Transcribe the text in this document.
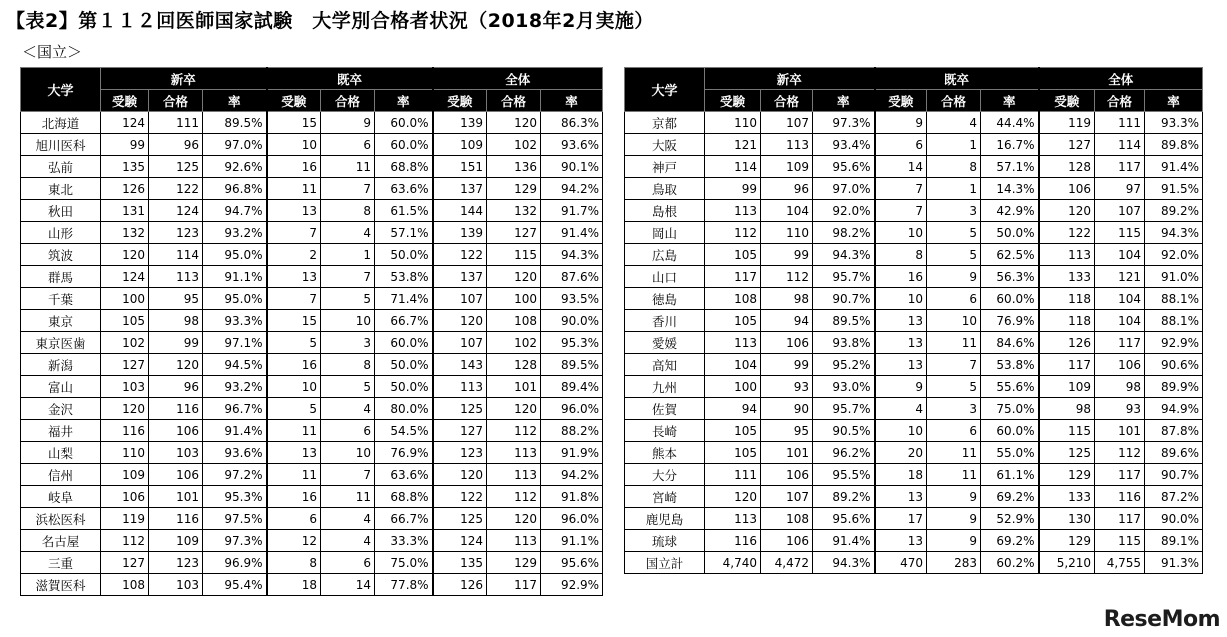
【表2】第１１２回医師国家試験　大学別合格者状況（2018年2月実施）
＜国立＞
大学	新卒			既卒			全体		
	受験	合格	率	受験	合格	率	受験	合格	率
北海道	124	111	89.5%	15	9	60.0%	139	120	86.3%
旭川医科	99	96	97.0%	10	6	60.0%	109	102	93.6%
弘前	135	125	92.6%	16	11	68.8%	151	136	90.1%
東北	126	122	96.8%	11	7	63.6%	137	129	94.2%
秋田	131	124	94.7%	13	8	61.5%	144	132	91.7%
山形	132	123	93.2%	7	4	57.1%	139	127	91.4%
筑波	120	114	95.0%	2	1	50.0%	122	115	94.3%
群馬	124	113	91.1%	13	7	53.8%	137	120	87.6%
千葉	100	95	95.0%	7	5	71.4%	107	100	93.5%
東京	105	98	93.3%	15	10	66.7%	120	108	90.0%
東京医歯	102	99	97.1%	5	3	60.0%	107	102	95.3%
新潟	127	120	94.5%	16	8	50.0%	143	128	89.5%
富山	103	96	93.2%	10	5	50.0%	113	101	89.4%
金沢	120	116	96.7%	5	4	80.0%	125	120	96.0%
福井	116	106	91.4%	11	6	54.5%	127	112	88.2%
山梨	110	103	93.6%	13	10	76.9%	123	113	91.9%
信州	109	106	97.2%	11	7	63.6%	120	113	94.2%
岐阜	106	101	95.3%	16	11	68.8%	122	112	91.8%
浜松医科	119	116	97.5%	6	4	66.7%	125	120	96.0%
名古屋	112	109	97.3%	12	4	33.3%	124	113	91.1%
三重	127	123	96.9%	8	6	75.0%	135	129	95.6%
滋賀医科	108	103	95.4%	18	14	77.8%	126	117	92.9%
大学	新卒			既卒			全体		
	受験	合格	率	受験	合格	率	受験	合格	率
京都	110	107	97.3%	9	4	44.4%	119	111	93.3%
大阪	121	113	93.4%	6	1	16.7%	127	114	89.8%
神戸	114	109	95.6%	14	8	57.1%	128	117	91.4%
鳥取	99	96	97.0%	7	1	14.3%	106	97	91.5%
島根	113	104	92.0%	7	3	42.9%	120	107	89.2%
岡山	112	110	98.2%	10	5	50.0%	122	115	94.3%
広島	105	99	94.3%	8	5	62.5%	113	104	92.0%
山口	117	112	95.7%	16	9	56.3%	133	121	91.0%
徳島	108	98	90.7%	10	6	60.0%	118	104	88.1%
香川	105	94	89.5%	13	10	76.9%	118	104	88.1%
愛媛	113	106	93.8%	13	11	84.6%	126	117	92.9%
高知	104	99	95.2%	13	7	53.8%	117	106	90.6%
九州	100	93	93.0%	9	5	55.6%	109	98	89.9%
佐賀	94	90	95.7%	4	3	75.0%	98	93	94.9%
長崎	105	95	90.5%	10	6	60.0%	115	101	87.8%
熊本	105	101	96.2%	20	11	55.0%	125	112	89.6%
大分	111	106	95.5%	18	11	61.1%	129	117	90.7%
宮崎	120	107	89.2%	13	9	69.2%	133	116	87.2%
鹿児島	113	108	95.6%	17	9	52.9%	130	117	90.0%
琉球	116	106	91.4%	13	9	69.2%	129	115	89.1%
国立計	4,740	4,472	94.3%	470	283	60.2%	5,210	4,755	91.3%
ReseMom
